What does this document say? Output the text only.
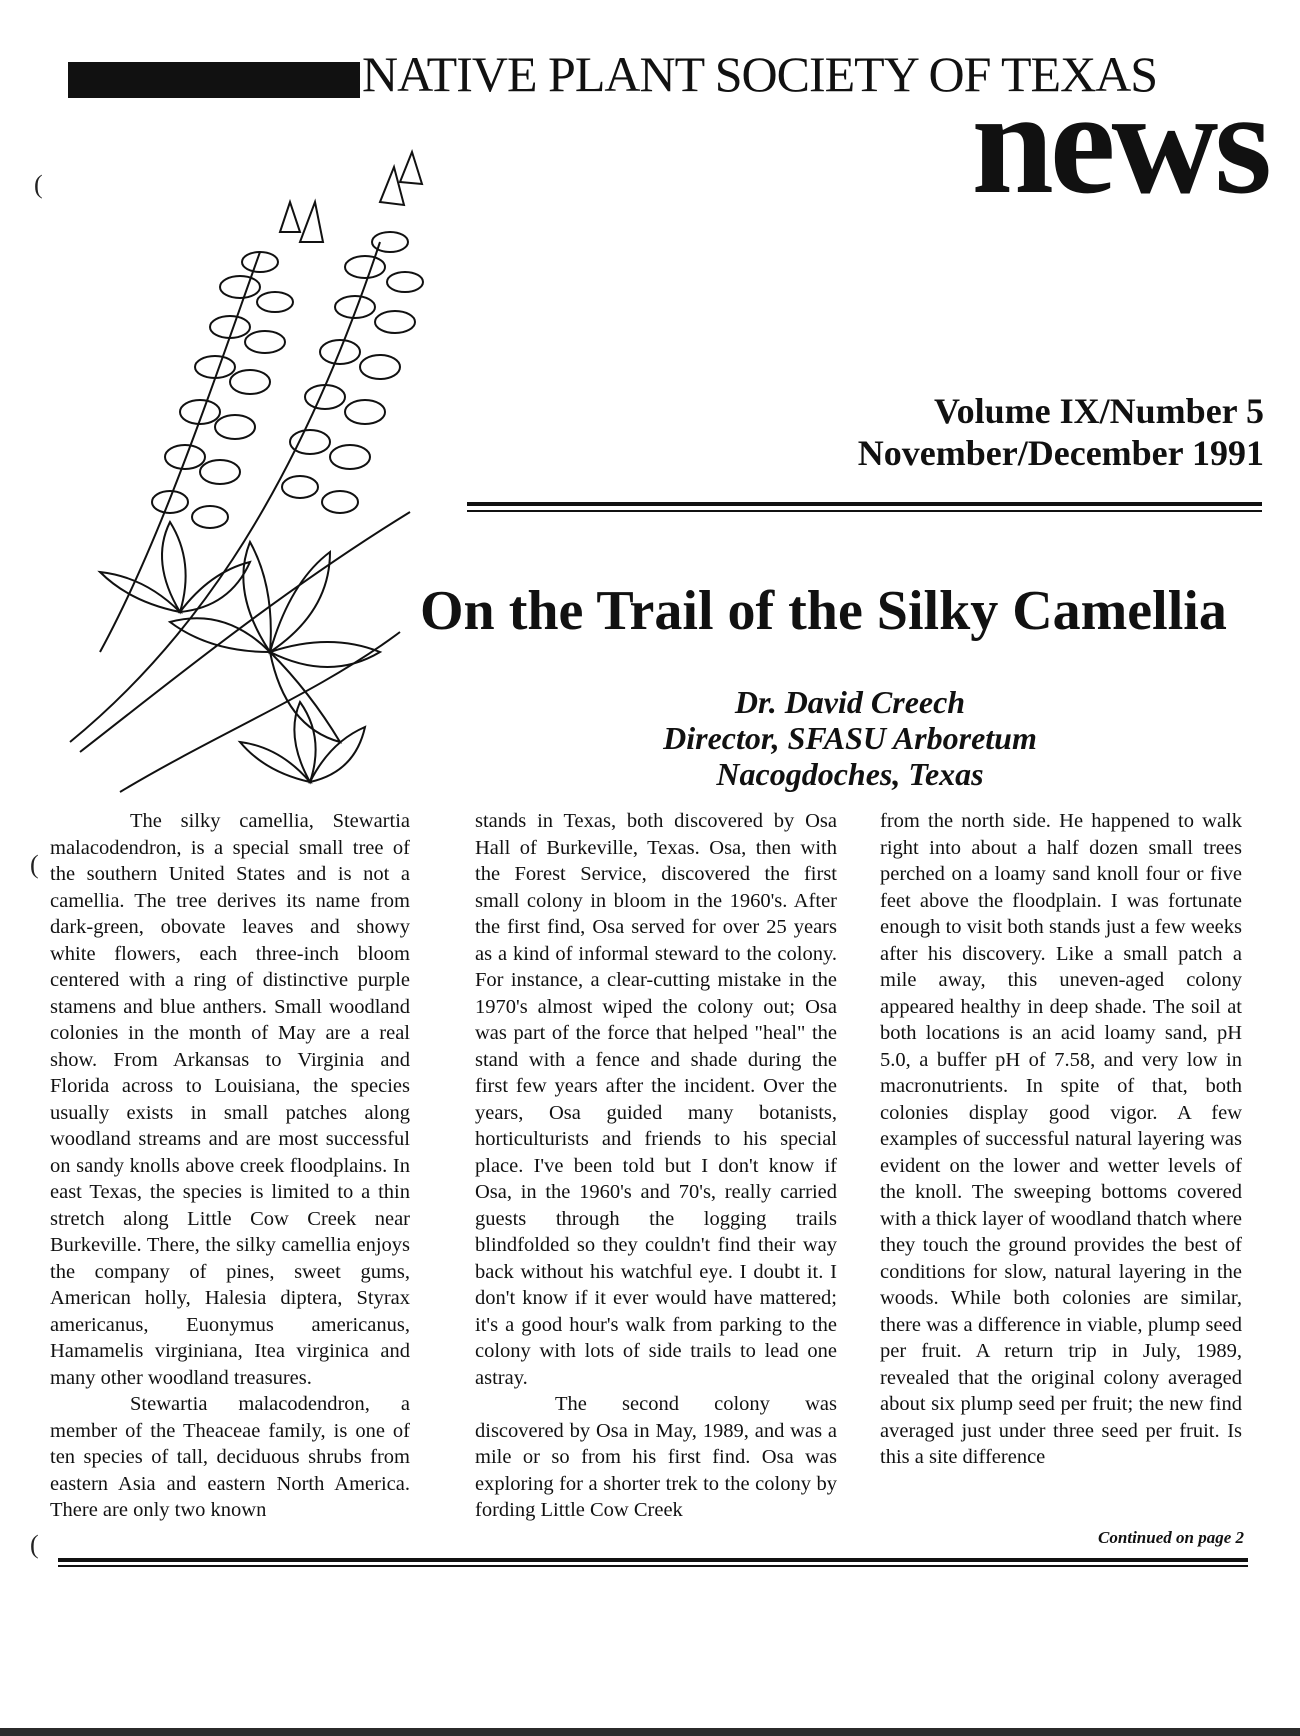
NATIVE PLANT SOCIETY OF TEXAS
news
Volume IX/Number 5
November/December 1991
On the Trail of the Silky Camellia
Dr. David Creech
Director, SFASU Arboretum
Nacogdoches, Texas

The silky camellia, Stewartia malacodendron, is a special small tree of the southern United States and is not a camellia. The tree derives its name from dark-green, obovate leaves and showy white flowers, each three-inch bloom centered with a ring of distinctive purple stamens and blue anthers. Small woodland colonies in the month of May are a real show. From Arkansas to Virginia and Florida across to Louisiana, the species usually exists in small patches along woodland streams and are most successful on sandy knolls above creek floodplains. In east Texas, the species is limited to a thin stretch along Little Cow Creek near Burkeville. There, the silky camellia enjoys the company of pines, sweet gums, American holly, Halesia diptera, Styrax americanus, Euonymus americanus, Hamamelis virginiana, Itea virginica and many other woodland treasures.

Stewartia malacodendron, a member of the Theaceae family, is one of ten species of tall, deciduous shrubs from eastern Asia and eastern North America. There are only two known

stands in Texas, both discovered by Osa Hall of Burkeville, Texas. Osa, then with the Forest Service, discovered the first small colony in bloom in the 1960's. After the first find, Osa served for over 25 years as a kind of informal steward to the colony. For instance, a clear-cutting mistake in the 1970's almost wiped the colony out; Osa was part of the force that helped "heal" the stand with a fence and shade during the first few years after the incident. Over the years, Osa guided many botanists, horticulturists and friends to his special place. I've been told but I don't know if Osa, in the 1960's and 70's, really carried guests through the logging trails blindfolded so they couldn't find their way back without his watchful eye. I doubt it. I don't know if it ever would have mattered; it's a good hour's walk from parking to the colony with lots of side trails to lead one astray.

The second colony was discovered by Osa in May, 1989, and was a mile or so from his first find. Osa was exploring for a shorter trek to the colony by fording Little Cow Creek

from the north side. He happened to walk right into about a half dozen small trees perched on a loamy sand knoll four or five feet above the floodplain. I was fortunate enough to visit both stands just a few weeks after his discovery. Like a small patch a mile away, this uneven-aged colony appeared healthy in deep shade. The soil at both locations is an acid loamy sand, pH 5.0, a buffer pH of 7.58, and very low in macronutrients. In spite of that, both colonies display good vigor. A few examples of successful natural layering was evident on the lower and wetter levels of the knoll. The sweeping bottoms covered with a thick layer of woodland thatch where they touch the ground provides the best of conditions for slow, natural layering in the woods. While both colonies are similar, there was a difference in viable, plump seed per fruit. A return trip in July, 1989, revealed that the original colony averaged about six plump seed per fruit; the new find averaged just under three seed per fruit. Is this a site difference

Continued on page 2
(
(
(
